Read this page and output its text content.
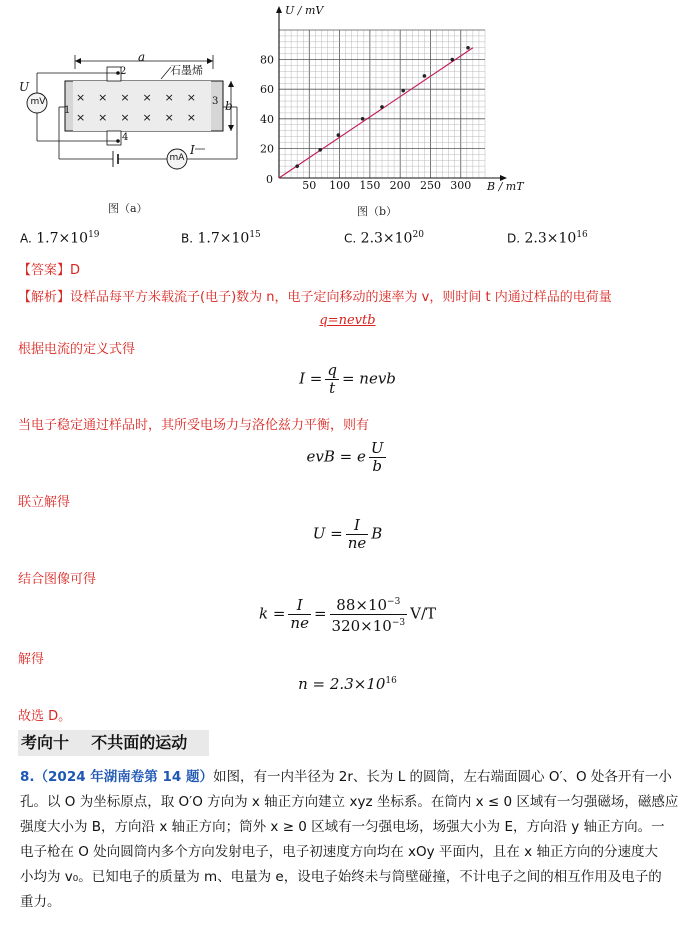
a
b
U
I
石墨烯
mV
mA
2
1
3
4
× × × × × ×
× × × × × ×
图（a）
50 100 150 200 250 300
20
40
60
80
0
B / mT
U / mV
图（b）
A. $1.7\times 10^{19}$	B. $1.7\times 10^{15}$	C. $2.3\times 10^{20}$	D. $2.3\times 10^{16}$
【答案】D
【解析】设样品每平方米载流子(电子)数为 n，电子定向移动的速率为 v，则时间 t 内通过样品的电荷量
q=nevtb
根据电流的定义式得
$I = \frac{q}{t}$ = nevb
当电子稳定通过样品时，其所受电场力与洛伦兹力平衡，则有
evB = e $\frac{U}{b}$
联立解得
$U = \frac{I}{ne}$ B
结合图像可得
$k = \frac{I}{ne} = \frac{88\times 10^{-3}}{320\times 10^{-3}} V/T$
解得
$n = 2.3\times 10^{16}$
故选 D。
考向十    不共面的运动
8.（2024 年湖南卷第 14 题）如图，有一内半径为 2r、长为 L 的圆筒，左右端面圆心 O′、O 处各开有一小
孔。以 O 为坐标原点，取 O′O 方向为 x 轴正方向建立 xyz 坐标系。在筒内 x ≤ 0 区域有一匀强磁场，磁感应
强度大小为 B，方向沿 x 轴正方向；筒外 x ≥ 0 区域有一匀强电场，场强大小为 E，方向沿 y 轴正方向。一
电子枪在 O 处向圆筒内多个方向发射电子，电子初速度方向均在 xOy 平面内，且在 x 轴正方向的分速度大
小均为 v₀。已知电子的质量为 m、电量为 e，设电子始终未与筒壁碰撞，不计电子之间的相互作用及电子的
重力。
